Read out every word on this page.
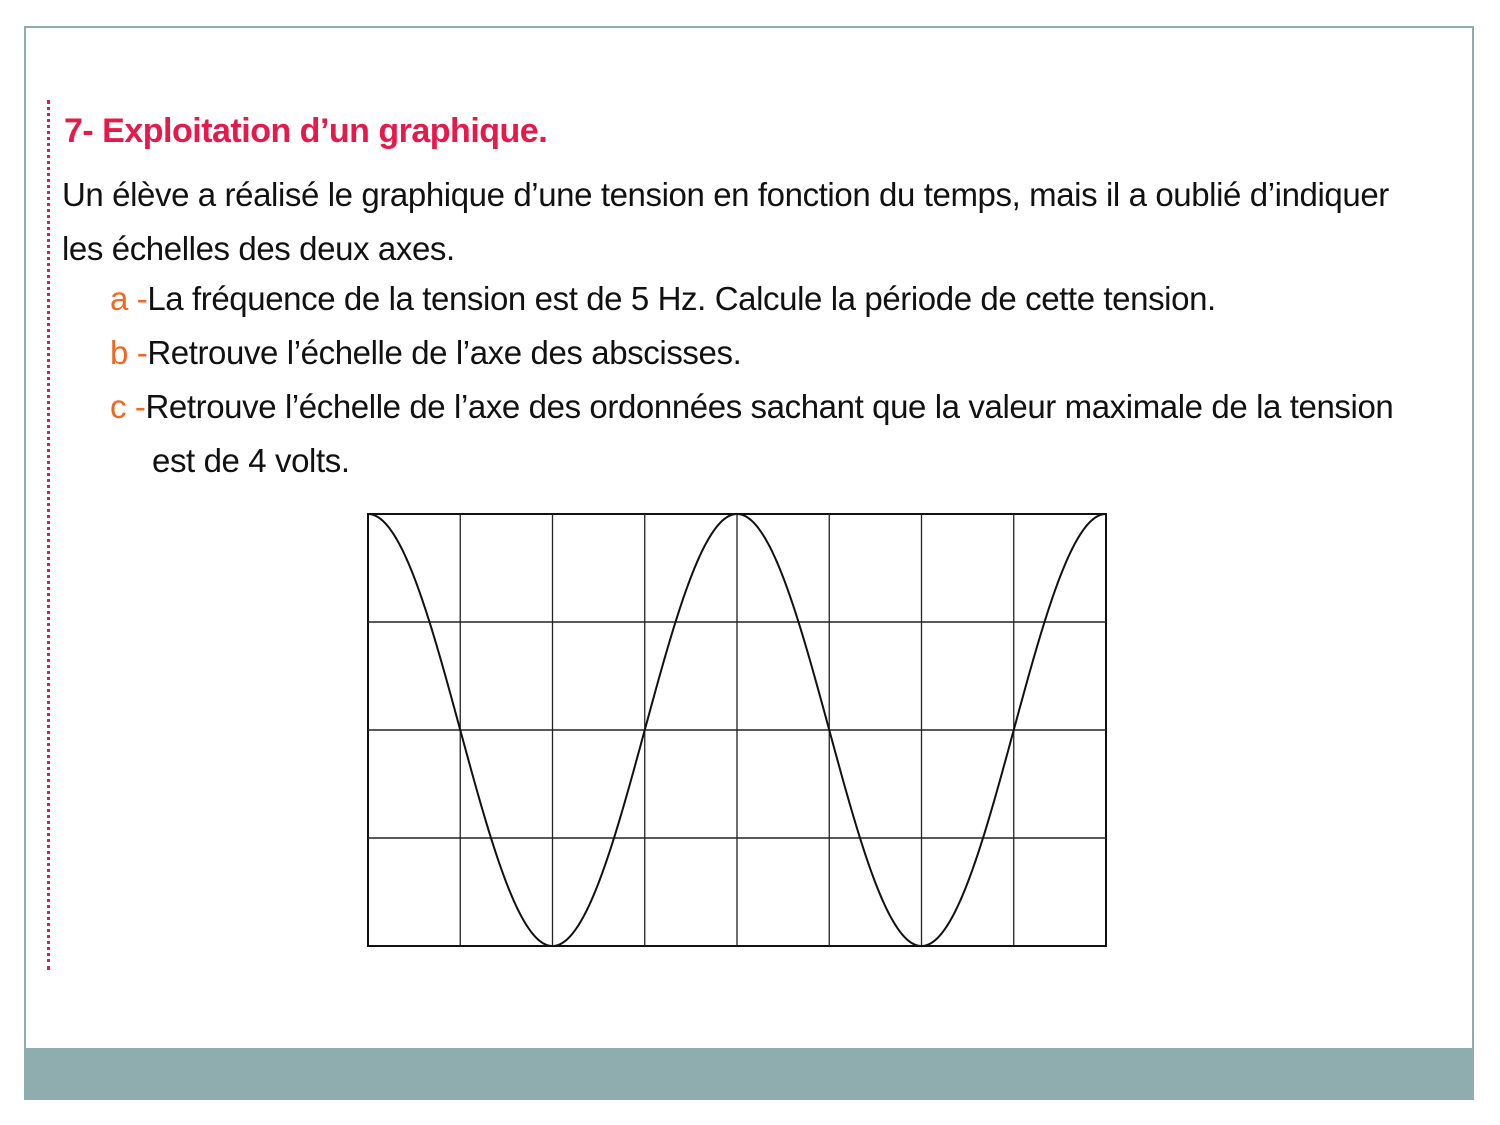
7- Exploitation d’un graphique.
Un élève a réalisé le graphique d’une tension en fonction du temps, mais il a oublié d’indiquer les échelles des deux axes.
a -La fréquence de la tension est de 5 Hz. Calcule la période de cette tension.
b -Retrouve l’échelle de l’axe des abscisses.
c -Retrouve l’échelle de l’axe des ordonnées sachant que la valeur maximale de la tension
est de 4 volts.
